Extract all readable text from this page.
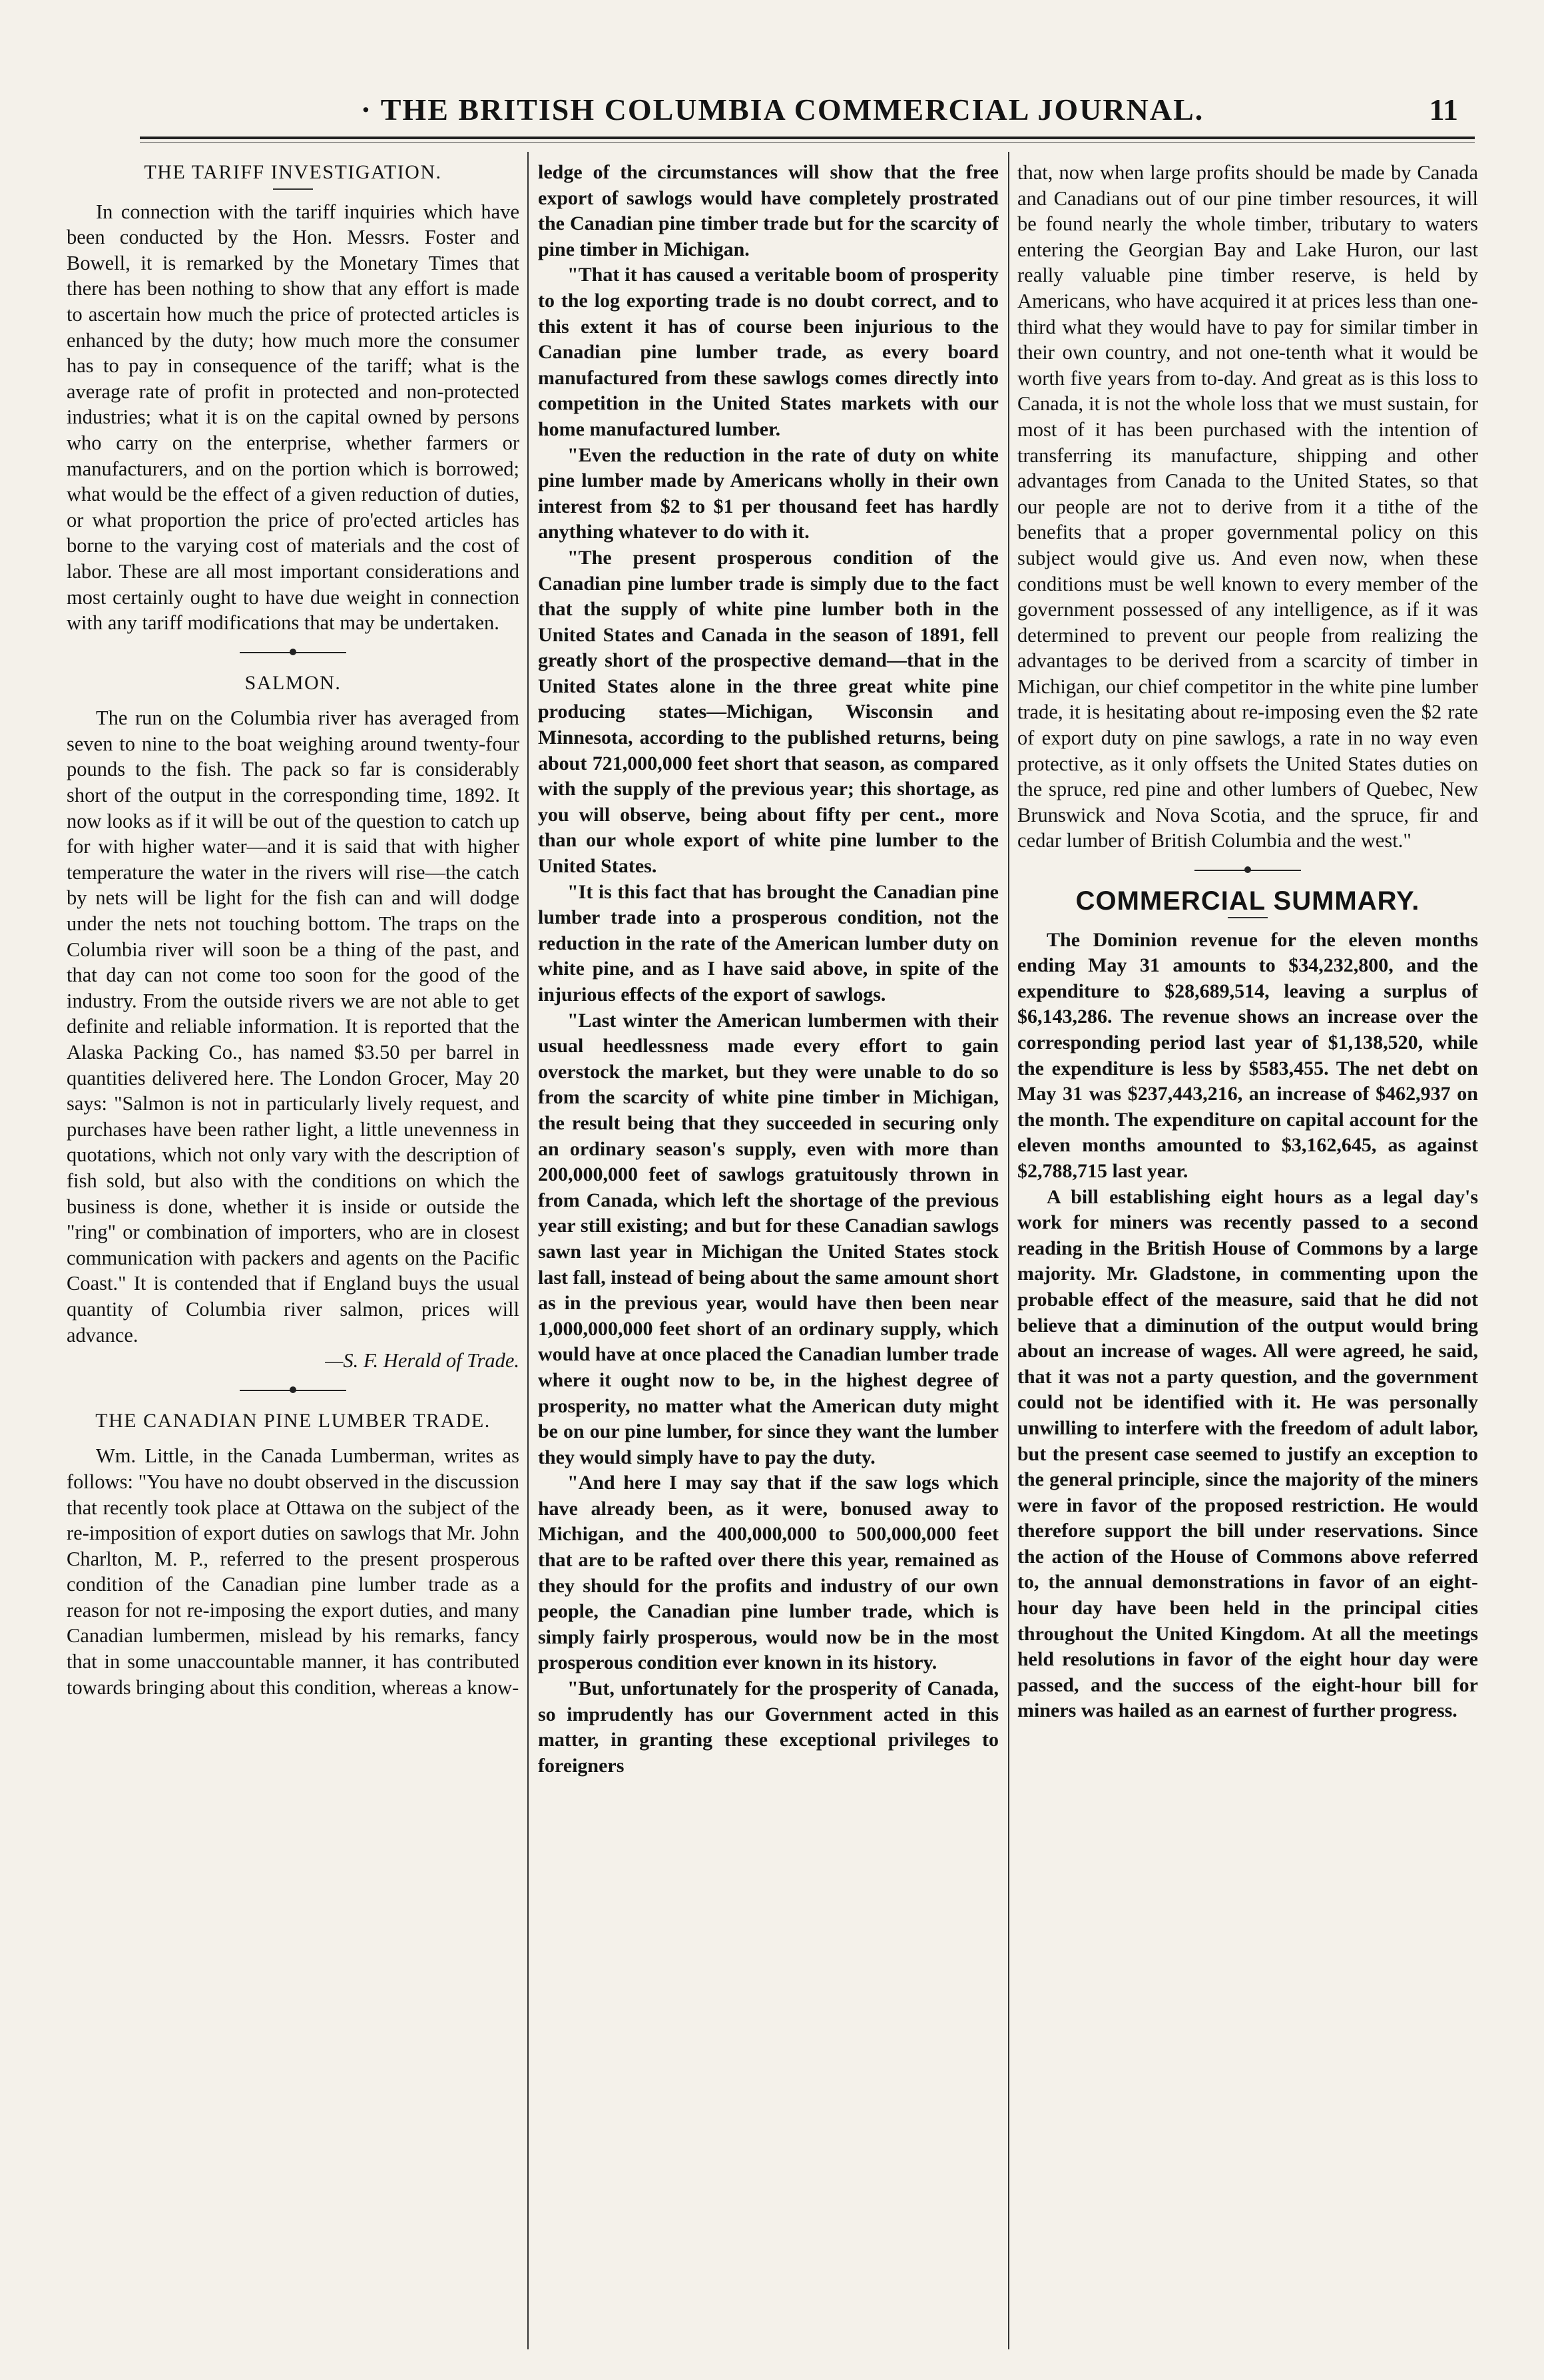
· THE BRITISH COLUMBIA COMMERCIAL JOURNAL.	11

THE TARIFF INVESTIGATION.

In connection with the tariff inquiries which have been conducted by the Hon. Messrs. Foster and Bowell, it is remarked by the Monetary Times that there has been nothing to show that any effort is made to ascertain how much the price of protected articles is enhanced by the duty; how much more the consumer has to pay in consequence of the tariff; what is the average rate of profit in protected and non-protected industries; what it is on the capital owned by persons who carry on the enterprise, whether farmers or manufacturers, and on the portion which is borrowed; what would be the effect of a given reduction of duties, or what proportion the price of pro'ected articles has borne to the varying cost of materials and the cost of labor. These are all most important considerations and most certainly ought to have due weight in connection with any tariff modifications that may be undertaken.

SALMON.

The run on the Columbia river has averaged from seven to nine to the boat weighing around twenty-four pounds to the fish. The pack so far is considerably short of the output in the corresponding time, 1892. It now looks as if it will be out of the question to catch up for with higher water—and it is said that with higher temperature the water in the rivers will rise—the catch by nets will be light for the fish can and will dodge under the nets not touching bottom. The traps on the Columbia river will soon be a thing of the past, and that day can not come too soon for the good of the industry. From the outside rivers we are not able to get definite and reliable information. It is reported that the Alaska Packing Co., has named $3.50 per barrel in quantities delivered here. The London Grocer, May 20 says: "Salmon is not in particularly lively request, and purchases have been rather light, a little unevenness in quotations, which not only vary with the description of fish sold, but also with the conditions on which the business is done, whether it is inside or outside the "ring" or combination of importers, who are in closest communication with packers and agents on the Pacific Coast." It is contended that if England buys the usual quantity of Columbia river salmon, prices will advance.

—S. F. Herald of Trade.

THE CANADIAN PINE LUMBER TRADE.

Wm. Little, in the Canada Lumberman, writes as follows: "You have no doubt observed in the discussion that recently took place at Ottawa on the subject of the re-imposition of export duties on sawlogs that Mr. John Charlton, M. P., referred to the present prosperous condition of the Canadian pine lumber trade as a reason for not re-imposing the export duties, and many Canadian lumbermen, mislead by his remarks, fancy that in some unaccountable manner, it has contributed towards bringing about this condition, whereas a know-

ledge of the circumstances will show that the free export of sawlogs would have completely prostrated the Canadian pine timber trade but for the scarcity of pine timber in Michigan.

"That it has caused a veritable boom of prosperity to the log exporting trade is no doubt correct, and to this extent it has of course been injurious to the Canadian pine lumber trade, as every board manufactured from these sawlogs comes directly into competition in the United States markets with our home manufactured lumber.

"Even the reduction in the rate of duty on white pine lumber made by Americans wholly in their own interest from $2 to $1 per thousand feet has hardly anything whatever to do with it.

"The present prosperous condition of the Canadian pine lumber trade is simply due to the fact that the supply of white pine lumber both in the United States and Canada in the season of 1891, fell greatly short of the prospective demand—that in the United States alone in the three great white pine producing states—Michigan, Wisconsin and Minnesota, according to the published returns, being about 721,000,000 feet short that season, as compared with the supply of the previous year; this shortage, as you will observe, being about fifty per cent., more than our whole export of white pine lumber to the United States.

"It is this fact that has brought the Canadian pine lumber trade into a prosperous condition, not the reduction in the rate of the American lumber duty on white pine, and as I have said above, in spite of the injurious effects of the export of sawlogs.

"Last winter the American lumbermen with their usual heedlessness made every effort to gain overstock the market, but they were unable to do so from the scarcity of white pine timber in Michigan, the result being that they succeeded in securing only an ordinary season's supply, even with more than 200,000,000 feet of sawlogs gratuitously thrown in from Canada, which left the shortage of the previous year still existing; and but for these Canadian sawlogs sawn last year in Michigan the United States stock last fall, instead of being about the same amount short as in the previous year, would have then been near 1,000,000,000 feet short of an ordinary supply, which would have at once placed the Canadian lumber trade where it ought now to be, in the highest degree of prosperity, no matter what the American duty might be on our pine lumber, for since they want the lumber they would simply have to pay the duty.

"And here I may say that if the saw logs which have already been, as it were, bonused away to Michigan, and the 400,000,000 to 500,000,000 feet that are to be rafted over there this year, remained as they should for the profits and industry of our own people, the Canadian pine lumber trade, which is simply fairly prosperous, would now be in the most prosperous condition ever known in its history.

"But, unfortunately for the prosperity of Canada, so imprudently has our Government acted in this matter, in granting these exceptional privileges to foreigners

that, now when large profits should be made by Canada and Canadians out of our pine timber resources, it will be found nearly the whole timber, tributary to waters entering the Georgian Bay and Lake Huron, our last really valuable pine timber reserve, is held by Americans, who have acquired it at prices less than one-third what they would have to pay for similar timber in their own country, and not one-tenth what it would be worth five years from to-day. And great as is this loss to Canada, it is not the whole loss that we must sustain, for most of it has been purchased with the intention of transferring its manufacture, shipping and other advantages from Canada to the United States, so that our people are not to derive from it a tithe of the benefits that a proper governmental policy on this subject would give us. And even now, when these conditions must be well known to every member of the government possessed of any intelligence, as if it was determined to prevent our people from realizing the advantages to be derived from a scarcity of timber in Michigan, our chief competitor in the white pine lumber trade, it is hesitating about re-imposing even the $2 rate of export duty on pine sawlogs, a rate in no way even protective, as it only offsets the United States duties on the spruce, red pine and other lumbers of Quebec, New Brunswick and Nova Scotia, and the spruce, fir and cedar lumber of British Columbia and the west."

COMMERCIAL SUMMARY.

The Dominion revenue for the eleven months ending May 31 amounts to $34,232,800, and the expenditure to $28,689,514, leaving a surplus of $6,143,286. The revenue shows an increase over the corresponding period last year of $1,138,520, while the expenditure is less by $583,455. The net debt on May 31 was $237,443,216, an increase of $462,937 on the month. The expenditure on capital account for the eleven months amounted to $3,162,645, as against $2,788,715 last year.

A bill establishing eight hours as a legal day's work for miners was recently passed to a second reading in the British House of Commons by a large majority. Mr. Gladstone, in commenting upon the probable effect of the measure, said that he did not believe that a diminution of the output would bring about an increase of wages. All were agreed, he said, that it was not a party question, and the government could not be identified with it. He was personally unwilling to interfere with the freedom of adult labor, but the present case seemed to justify an exception to the general principle, since the majority of the miners were in favor of the proposed restriction. He would therefore support the bill under reservations. Since the action of the House of Commons above referred to, the annual demonstrations in favor of an eight-hour day have been held in the principal cities throughout the United Kingdom. At all the meetings held resolutions in favor of the eight hour day were passed, and the success of the eight-hour bill for miners was hailed as an earnest of further progress.
